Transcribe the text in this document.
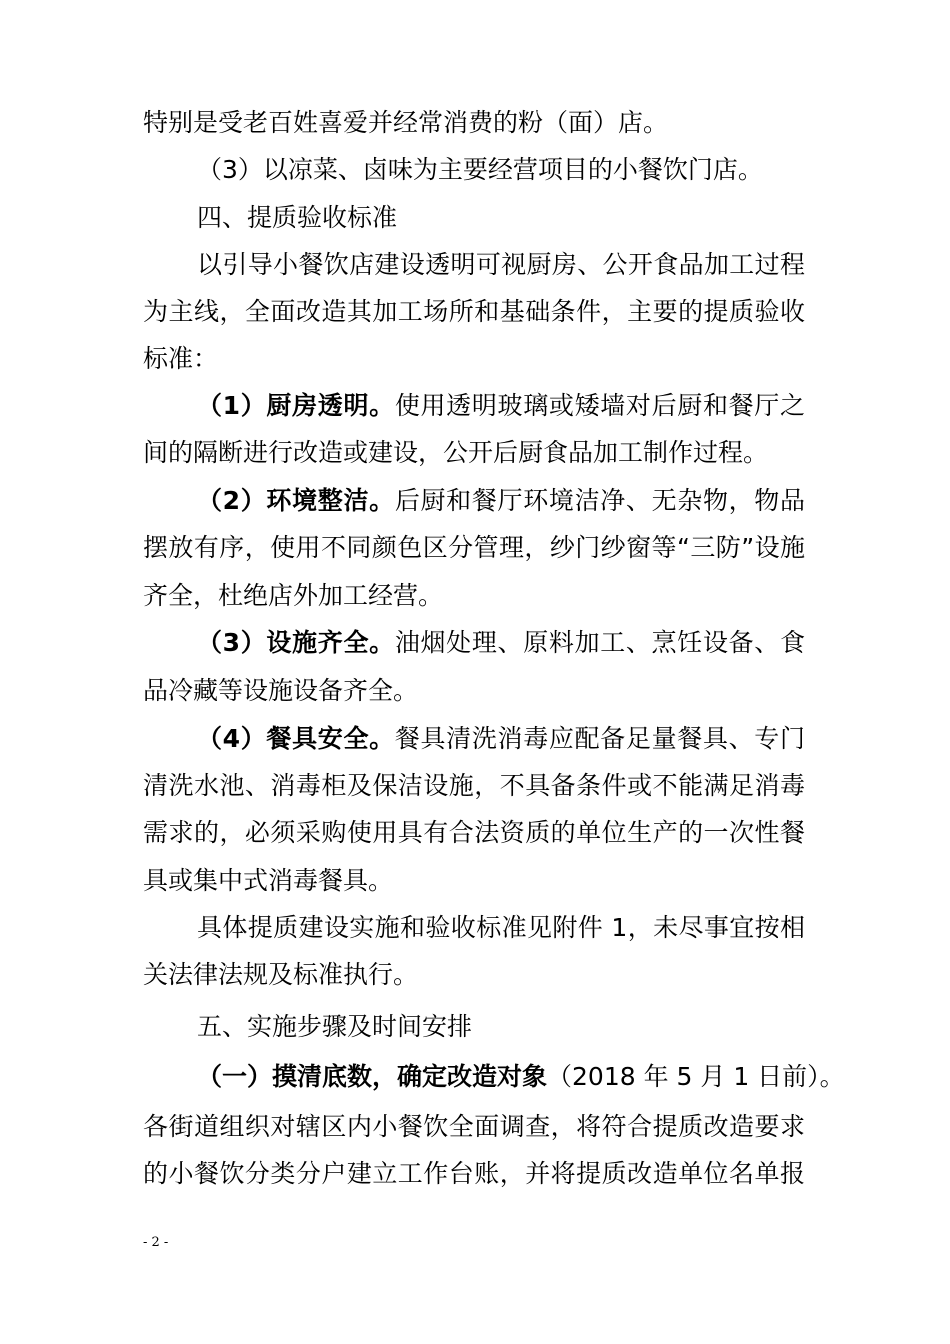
特别是受老百姓喜爱并经常消费的粉（面）店。
（3）以凉菜、卤味为主要经营项目的小餐饮门店。
四、提质验收标准
以引导小餐饮店建设透明可视厨房、公开食品加工过程
为主线，全面改造其加工场所和基础条件，主要的提质验收
标准：
（1）厨房透明。使用透明玻璃或矮墙对后厨和餐厅之
间的隔断进行改造或建设，公开后厨食品加工制作过程。
（2）环境整洁。后厨和餐厅环境洁净、无杂物，物品
摆放有序，使用不同颜色区分管理，纱门纱窗等“三防”设施
齐全，杜绝店外加工经营。
（3）设施齐全。油烟处理、原料加工、烹饪设备、食
品冷藏等设施设备齐全。
（4）餐具安全。餐具清洗消毒应配备足量餐具、专门
清洗水池、消毒柜及保洁设施，不具备条件或不能满足消毒
需求的，必须采购使用具有合法资质的单位生产的一次性餐
具或集中式消毒餐具。
具体提质建设实施和验收标准见附件 1，未尽事宜按相
关法律法规及标准执行。
五、实施步骤及时间安排
（一）摸清底数，确定改造对象（2018 年 5 月 1 日前）。
各街道组织对辖区内小餐饮全面调查，将符合提质改造要求
的小餐饮分类分户建立工作台账，并将提质改造单位名单报
- 2 -
